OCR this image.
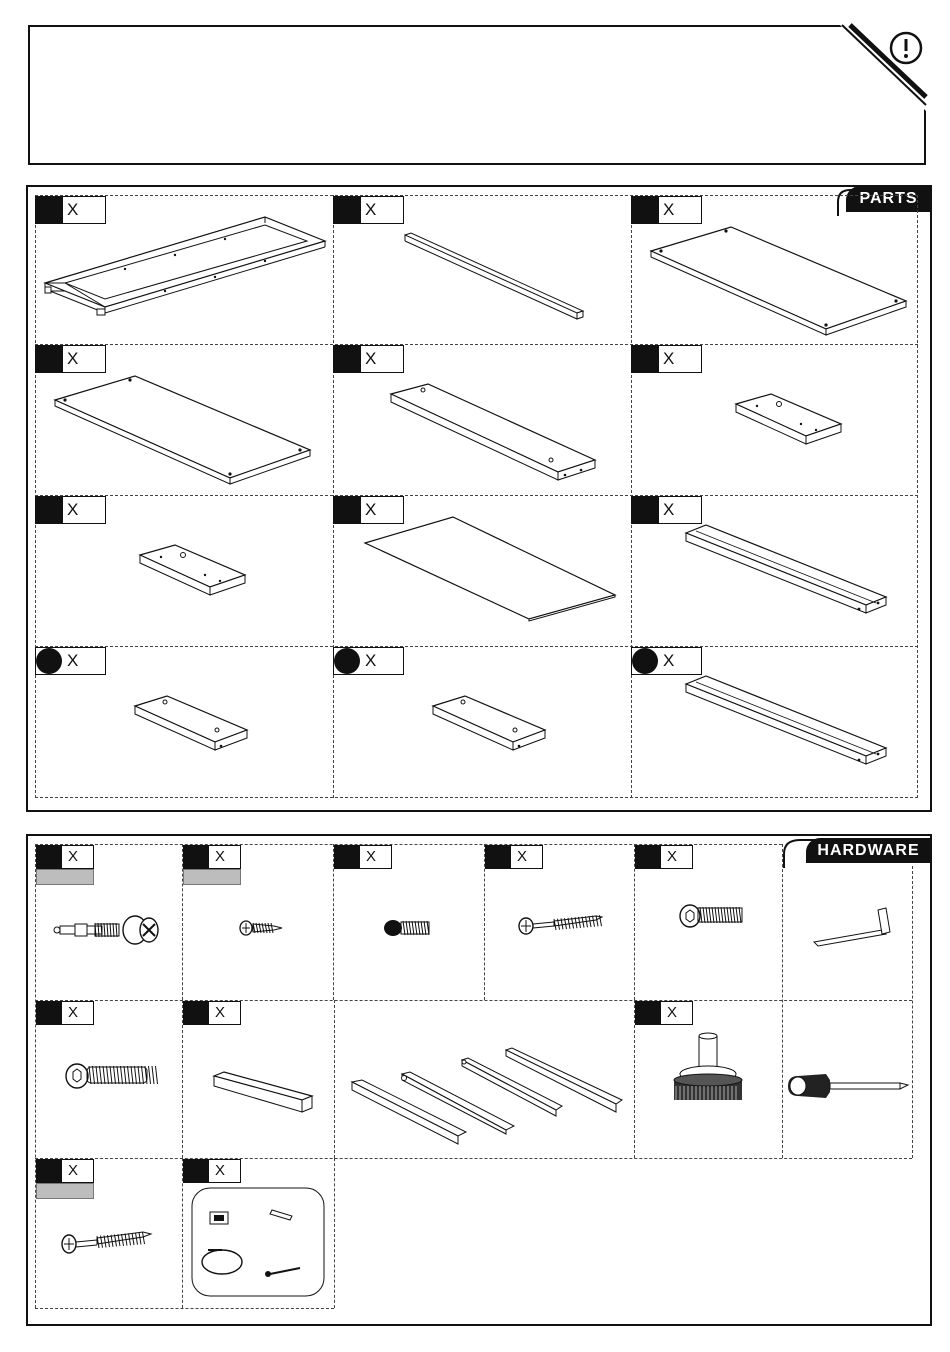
PARTS
X	X	X
X	X	X
X	X	X
X	X	X
HARDWARE
X	X	X	X	X
X	X	X
X	X
